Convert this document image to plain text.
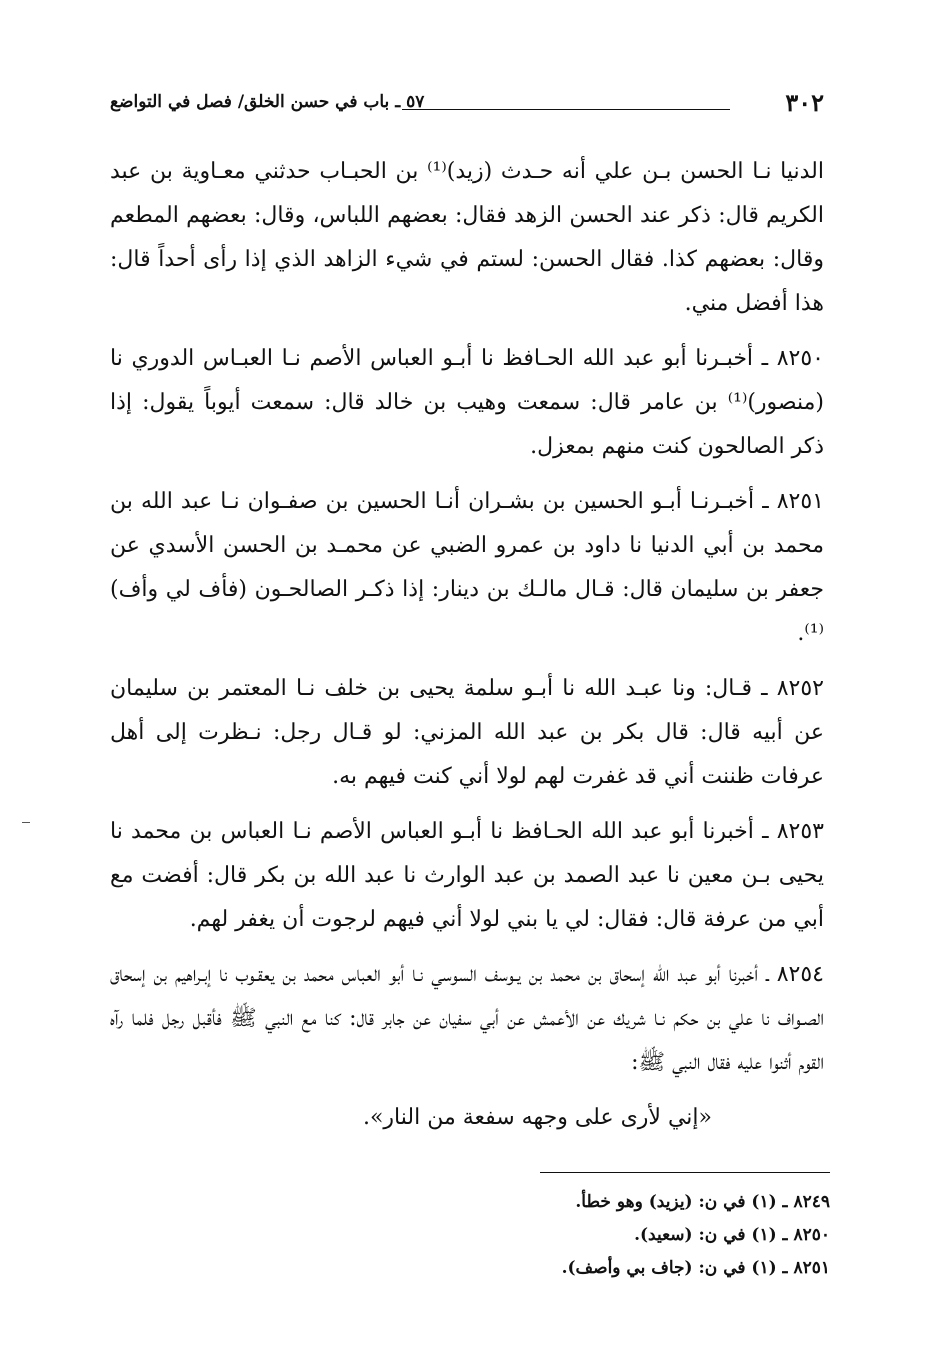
٣٠٢
٥٧ ـ باب في حسن الخلق/ فصل في التواضع

الدنيا نـا الحسن بـن علي أنه حـدث (زيد)⁽¹⁾ بن الحبـاب حدثني معـاوية بن عبد الكريم قال: ذكر عند الحسن الزهد فقال: بعضهم اللباس، وقال: بعضهم المطعم وقال: بعضهم كذا. فقال الحسن: لستم في شيء الزاهد الذي إذا رأى أحداً قال: هذا أفضل مني.

٨٢٥٠ ـ أخبـرنا أبو عبد الله الحـافظ نا أبـو العباس الأصم نـا العبـاس الدوري نا (منصور)⁽¹⁾ بن عامر قال: سمعت وهيب بن خالد قال: سمعت أيوباً يقول: إذا ذكر الصالحون كنت منهم بمعزل.

٨٢٥١ ـ أخبـرنـا أبـو الحسين بن بشـران أنـا الحسين بن صفـوان نـا عبد الله بن محمد بن أبي الدنيا نا داود بن عمرو الضبي عن محمـد بن الحسن الأسدي عن جعفر بن سليمان قال: قـال مالـك بن دينار: إذا ذكـر الصالحـون (فأف لي وأف)⁽¹⁾.

٨٢٥٢ ـ قـال: ونا عبـد الله نا أبـو سلمة يحيى بن خلف نـا المعتمر بن سليمان عن أبيه قال: قال بكر بن عبد الله المزني: لو قـال رجل: نـظرت إلى أهل عرفات ظننت أني قد غفرت لهم لولا أني كنت فيهم به.

٨٢٥٣ ـ أخبرنا أبو عبد الله الحـافظ نا أبـو العباس الأصم نـا العباس بن محمد نا يحيى بـن معين نا عبد الصمد بن عبد الوارث نا عبد الله بن بكر قال: أفضت مع أبي من عرفة قال: فقال: لي يا بني لولا أني فيهم لرجوت أن يغفر لهم.

٨٢٥٤ ـ أخبرنا أبو عبد الله إسحاق بن محمد بن يـوسف السوسي نـا أبو العباس محمد بن يعقـوب نا إبـراهيم بن إسحاق الصـواف نا علي بن حكم نـا شريك عن الأعمش عن أبي سفيان عن جابر قال: كنا مع النبي ﷺ فأقبل رجل فلما رآه القوم أثنوا عليه فقال النبي ﷺ:

«إني لأرى على وجهه سفعة من النار».

٨٢٤٩ ـ (١) في ن: (يزيد) وهو خطأ.

٨٢٥٠ ـ (١) في ن: (سعيد).

٨٢٥١ ـ (١) في ن: (جاف بي وأصف).
